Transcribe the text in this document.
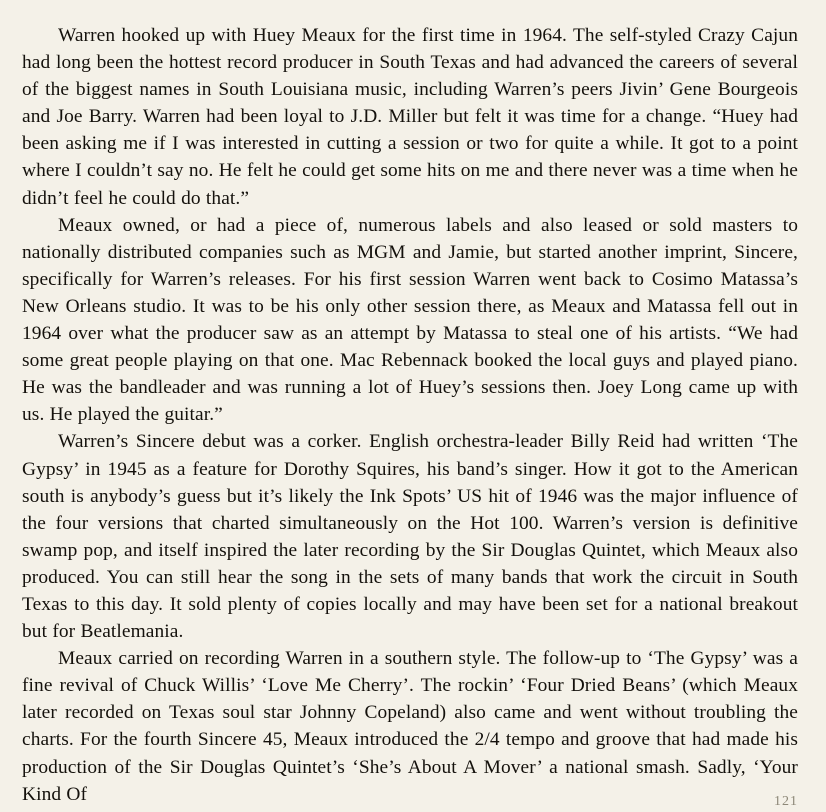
Warren hooked up with Huey Meaux for the first time in 1964. The self-styled Crazy Cajun had long been the hottest record producer in South Texas and had advanced the careers of several of the biggest names in South Louisiana music, including Warren’s peers Jivin’ Gene Bourgeois and Joe Barry. Warren had been loyal to J.D. Miller but felt it was time for a change. “Huey had been asking me if I was interested in cutting a session or two for quite a while. It got to a point where I couldn’t say no. He felt he could get some hits on me and there never was a time when he didn’t feel he could do that.”

Meaux owned, or had a piece of, numerous labels and also leased or sold masters to nationally distributed companies such as MGM and Jamie, but started another imprint, Sincere, specifically for Warren’s releases. For his first session Warren went back to Cosimo Matassa’s New Orleans studio. It was to be his only other session there, as Meaux and Matassa fell out in 1964 over what the producer saw as an attempt by Matassa to steal one of his artists. “We had some great people playing on that one. Mac Rebennack booked the local guys and played piano. He was the bandleader and was running a lot of Huey’s sessions then. Joey Long came up with us. He played the guitar.”

Warren’s Sincere debut was a corker. English orchestra-leader Billy Reid had written ‘The Gypsy’ in 1945 as a feature for Dorothy Squires, his band’s singer. How it got to the American south is anybody’s guess but it’s likely the Ink Spots’ US hit of 1946 was the major influence of the four versions that charted simultaneously on the Hot 100. Warren’s version is definitive swamp pop, and itself inspired the later recording by the Sir Douglas Quintet, which Meaux also produced. You can still hear the song in the sets of many bands that work the circuit in South Texas to this day. It sold plenty of copies locally and may have been set for a national breakout but for Beatlemania.

Meaux carried on recording Warren in a southern style. The follow-up to ‘The Gypsy’ was a fine revival of Chuck Willis’ ‘Love Me Cherry’. The rockin’ ‘Four Dried Beans’ (which Meaux later recorded on Texas soul star Johnny Copeland) also came and went without troubling the charts. For the fourth Sincere 45, Meaux introduced the 2/4 tempo and groove that had made his production of the Sir Douglas Quintet’s ‘She’s About A Mover’ a national smash. Sadly, ‘Your Kind Of	121
